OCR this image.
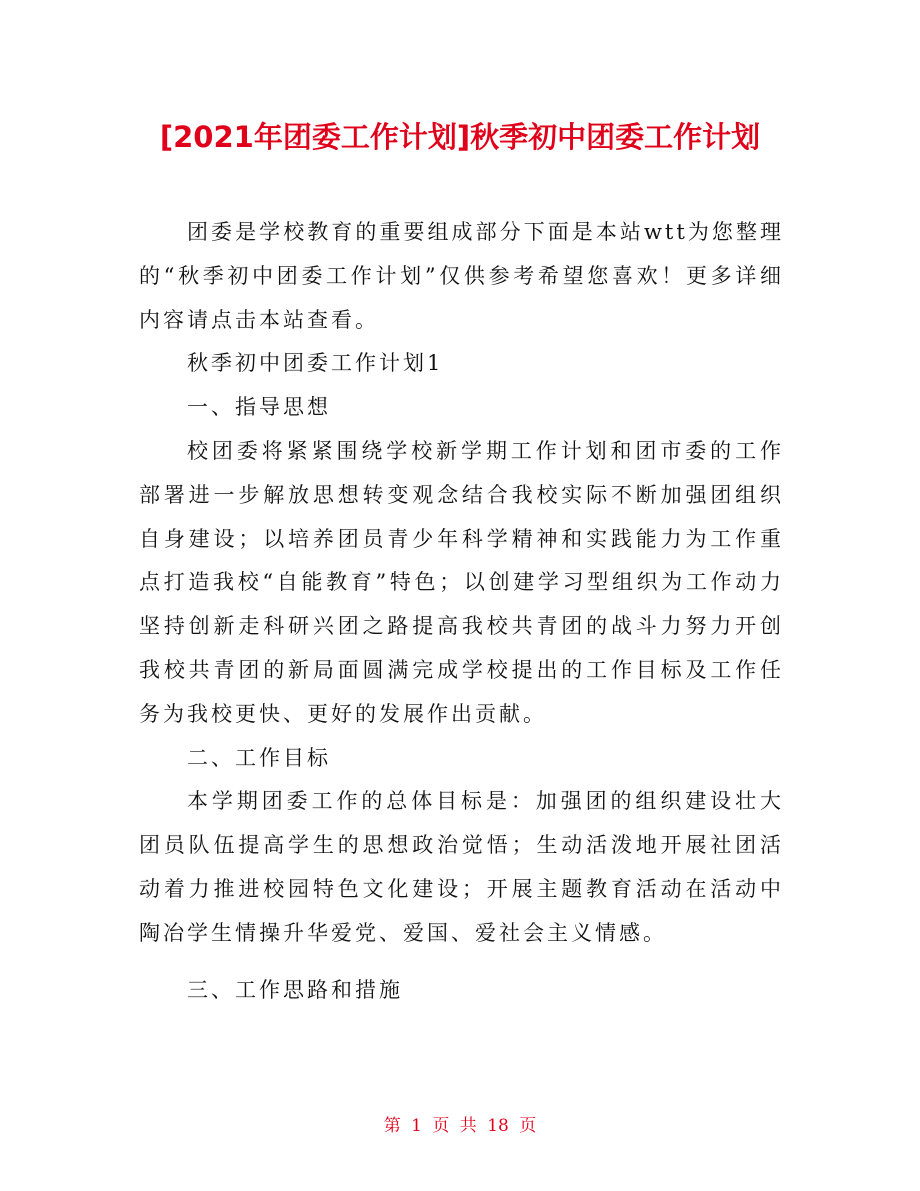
[2021年团委工作计划]秋季初中团委工作计划

团委是学校教育的重要组成部分下面是本站wtt为您整理的“秋季初中团委工作计划”仅供参考希望您喜欢！更多详细内容请点击本站查看。

秋季初中团委工作计划1

一、指导思想

校团委将紧紧围绕学校新学期工作计划和团市委的工作部署进一步解放思想转变观念结合我校实际不断加强团组织自身建设；以培养团员青少年科学精神和实践能力为工作重点打造我校“自能教育”特色；以创建学习型组织为工作动力坚持创新走科研兴团之路提高我校共青团的战斗力努力开创我校共青团的新局面圆满完成学校提出的工作目标及工作任务为我校更快、更好的发展作出贡献。

二、工作目标

本学期团委工作的总体目标是：加强团的组织建设壮大团员队伍提高学生的思想政治觉悟；生动活泼地开展社团活动着力推进校园特色文化建设；开展主题教育活动在活动中陶冶学生情操升华爱党、爱国、爱社会主义情感。

三、工作思路和措施

第 1 页 共 18 页
